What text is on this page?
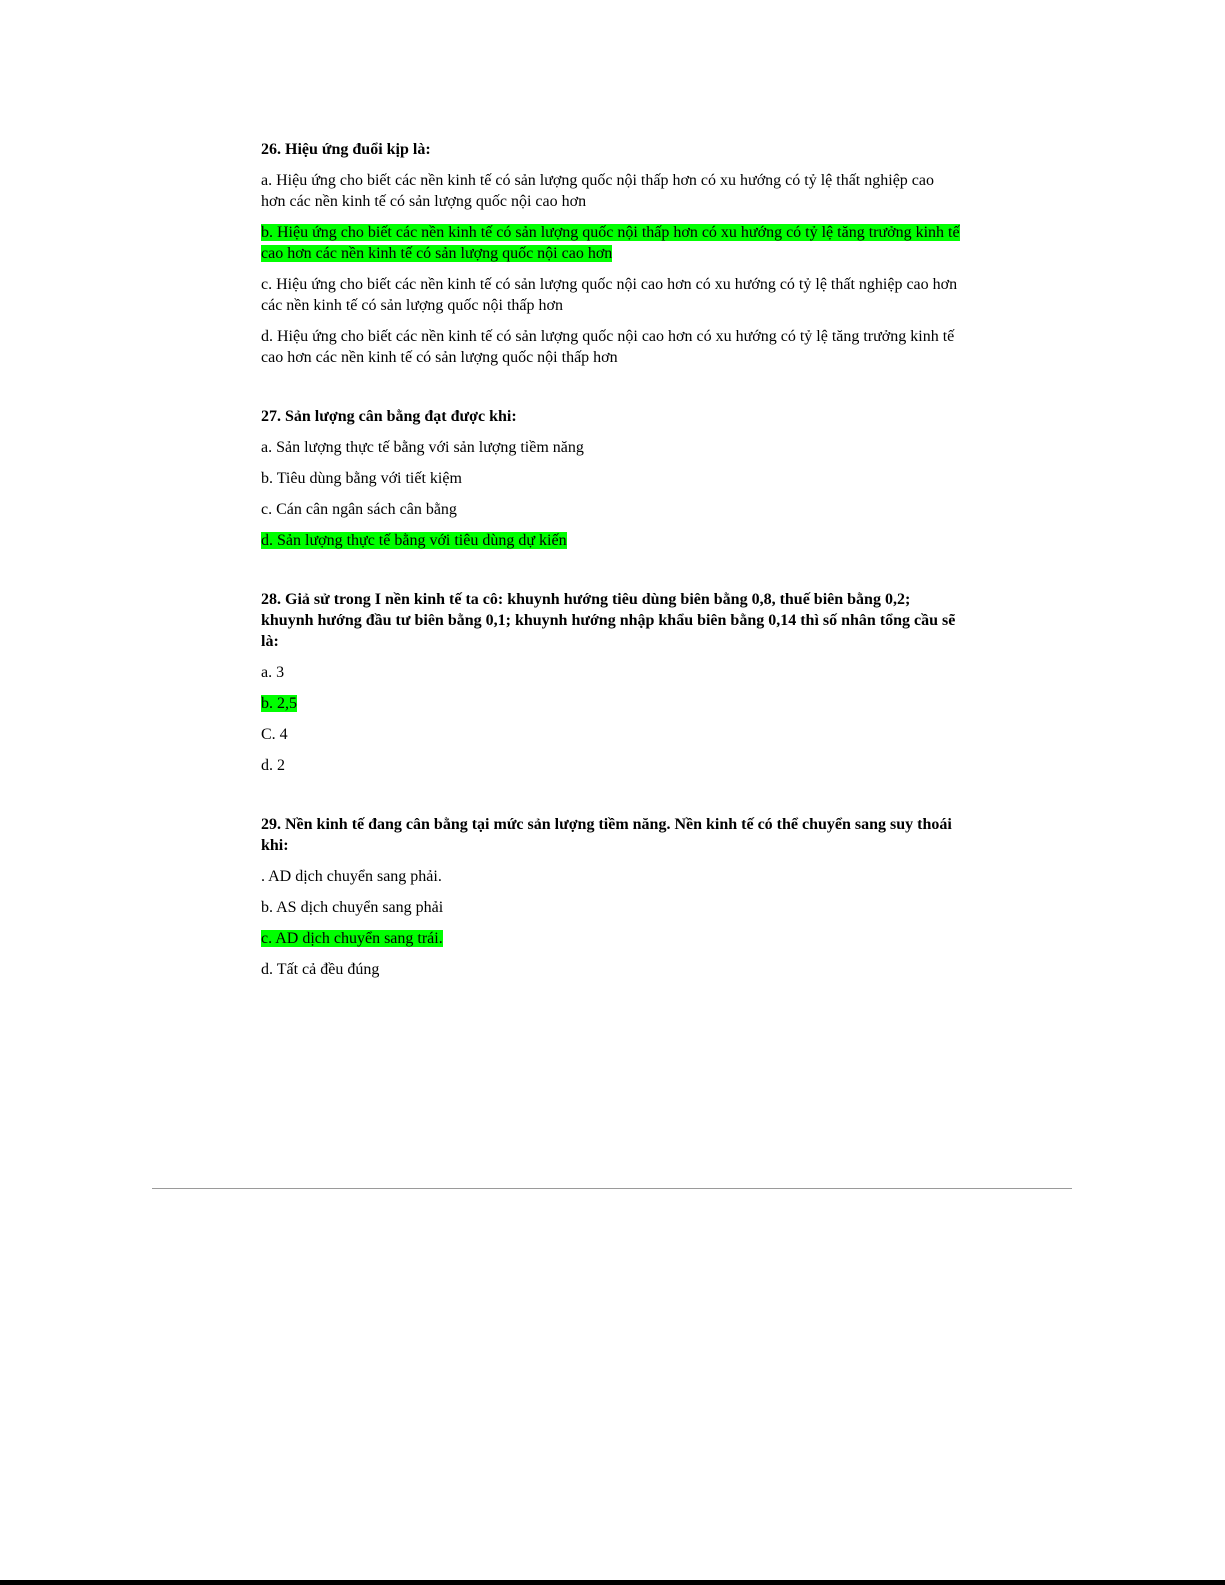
26. Hiệu ứng đuổi kịp là:

a. Hiệu ứng cho biết các nền kinh tế có sản lượng quốc nội thấp hơn có xu hướng có tỷ lệ thất nghiệp cao hơn các nền kinh tế có sản lượng quốc nội cao hơn

b. Hiệu ứng cho biết các nền kinh tế có sản lượng quốc nội thấp hơn có xu hướng có tỷ lệ tăng trưởng kinh tế cao hơn các nền kinh tế có sản lượng quốc nội cao hơn

c. Hiệu ứng cho biết các nền kinh tế có sản lượng quốc nội cao hơn có xu hướng có tỷ lệ thất nghiệp cao hơn các nền kinh tế có sản lượng quốc nội thấp hơn

d. Hiệu ứng cho biết các nền kinh tế có sản lượng quốc nội cao hơn có xu hướng có tỷ lệ tăng trưởng kinh tế cao hơn các nền kinh tế có sản lượng quốc nội thấp hơn

27. Sản lượng cân bằng đạt được khi:

a. Sản lượng thực tế bằng với sản lượng tiềm năng

b. Tiêu dùng bằng với tiết kiệm

c. Cán cân ngân sách cân bằng

d. Sản lượng thực tế bằng với tiêu dùng dự kiến

28. Giả sử trong I nền kinh tế ta cô: khuynh hướng tiêu dùng biên bằng 0,8, thuế biên bằng 0,2; khuynh hướng đầu tư biên bằng 0,1; khuynh hướng nhập khẩu biên bằng 0,14 thì số nhân tổng cầu sẽ là:

a. 3

b. 2,5

C. 4

d. 2

29. Nền kinh tế đang cân bằng tại mức sản lượng tiềm năng. Nền kinh tế có thể chuyển sang suy thoái khi:

. AD dịch chuyển sang phải.

b. AS dịch chuyển sang phải

c. AD dịch chuyển sang trái.

d. Tất cả đều đúng
